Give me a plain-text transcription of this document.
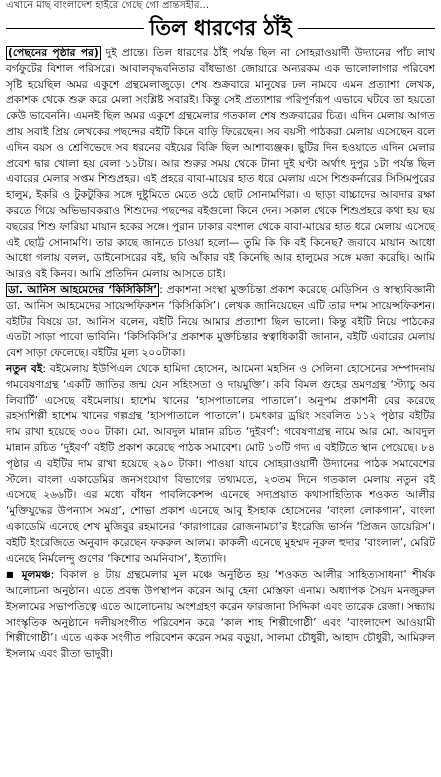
এখানে মাছ বাংলাদেশ হাইরে গেছে গো প্রান্তসহীর...
তিল ধারণের ঠাঁই

(পেছনের পৃষ্ঠার পর) দুই প্রান্তে। তিল ধারণের ঠাঁই পর্যন্ত ছিল না সোহরাওয়ার্দী উদ্যানের পাঁচ লাখ বর্গফুটের বিশাল পরিসরে। আবালবৃদ্ধবনিতার বাঁধভাঙা জোয়ারে অন্যরকম এক ভালোলাগার পরিবেশ সৃষ্টি হয়েছিল অমর একুশে গ্রন্থমেলাজুড়ে। শেষ শুক্রবারে মানুষের ঢল নামবে এমন প্রত্যাশা লেখক, প্রকাশক থেকে শুরু করে মেলা সংশ্লিষ্ট সবারই। কিন্তু সেই প্রত্যাশার পরিপূর্ণরূপ এভাবে ঘটবে তা হয়তো কেউ ভাবেননি। এমনই ছিল অমর একুশে গ্রন্থমেলার গতকাল শেষ শুক্রবারের চিত্র। এদিন মেলায় আগত প্রায় সবাই প্রিয় লেখকের পছন্দের বইটি কিনে বাড়ি ফিরেছেন। সব বয়সী পাঠকরা মেলায় এসেছেন বলে এদিন বয়স ও শ্রেণিভেদে সব ধরনের বইয়ের বিক্রি ছিল আশাব্যঞ্জক। ছুটির দিন হওয়াতে এদিন মেলার প্রবেশ দ্বার খোলা হয় বেলা ১১টায়। আর শুরুর সময় থেকে টানা দুই ঘণ্টা অর্থাৎ দুপুর ১টা পর্যন্ত ছিল এবারের মেলার সপ্তম শিশুপ্রহর। এই প্রহরে বাবা-মায়ের হাত ধরে মেলায় এসে শিশুকর্নারের সিসিমপুরের হালুম, ইকরি ও টুকটুকির সঙ্গে দুষ্টুমিতে মেতে ওঠে ছোট সোনামণিরা। এ ছাড়া বাচ্চাদের আবদার রক্ষা করতে গিয়ে অভিভাবকরাও শিশুদের পছন্দের বইগুলো কিনে দেন। সকাল থেকে শিশুপ্রহরে কথা হয় ছয় বছরের শিশু ফারিয়া মায়ান হকের সঙ্গে। পুরান ঢাকার বংশাল থেকে বাবা-মায়ের হাত ধরে মেলায় এসেছে এই ছোট্ট সোনামণি। তার কাছে জানতে চাওয়া হলো— তুমি কি কি বই কিনেছ? জবাবে মায়ান আধো আধো গলায় বলল, ডাইনোসরের বই, ছবি আঁকার বই কিনেছি আর হালুমের সঙ্গে মজা করেছি। আমি আরও বই কিনব। আমি প্রতিদিন মেলায় আসতে চাই।

ডা. আনিস আহমেদের ‘কিসিকিসি’ : প্রকাশনা সংস্থা মুক্তচিন্তা প্রকাশ করেছে মেডিসিন ও স্বাস্থ্যবিজ্ঞানী ডা. আনিস আহমেদের সায়েন্সফিকশন ‘কিসিকিসি’। লেখক জানিয়েছেন এটি তার দশম সায়েন্সফিকশন। বইটির বিষয়ে ডা. আনিস বলেন, বইটি নিয়ে আমার প্রত্যাশা ছিল ভালো। কিন্তু বইটি নিয়ে পাঠকের এতটা সাড়া পাবো ভাবিনি। ‘কিসিকিসি’র প্রকাশক মুক্তচিন্তার স্বত্বাধিকারী জানান, বইটি এবারের মেলায় বেশ সাড়া ফেলেছে। বইটির মূল্য ২০০টাকা।

নতুন বই: বইমেলায় ইউপিএল থেকে হামিদা হোসেন, আমেনা মহসিন ও সেলিনা হোসেনের সম্পাদনায় গমবেষণাগ্রন্থ ‘একটি জাতির জন্ম যেন সহিংসতা ও দায়মুক্তি’। কবি বিমল গুহের ভ্রমণগ্রন্থ ‘স্ট্যাচু অব লিবার্টি’ এসেছে বইমেলায়। হাশেম খানের ‘হাসপাতালের পাতালে’। অনুপম প্রকাশনী বের করেছে রহস্যশিল্পী হাশেম খানের গল্পগ্রন্থ ‘হাসপাতালে পাতালে’। চমৎকার ড্রয়িং সংবলিত ১১২ পৃষ্ঠার বইটির দাম রাখা হয়েছে ৩০০ টাকা। মো. আবদুল মান্নান রচিত ‘দুইবর্ণ’: গবেষণাগ্রন্থ নামে আর মো. আবদুল মান্নান রচিত ‘দুইবর্ণ’ বইটি প্রকাশ করেছে পাঠক সমাবেশ। মোট ১৩টি গদ্য এ বইটিতে স্থান পেয়েছে। ৮৪ পৃষ্ঠার এ বইটির দাম রাখা হয়েছে ২৯০ টাকা। পাওয়া যাবে সোহরাওয়ার্দী উদ্যানের পাঠক সমাবেশের স্টলে। বাংলা একাডেমির জনসংযোগ বিভাগের তথ্যমতে, ২৩তম দিনে গতকাল মেলায় নতুন বই এসেছে ২৬৬টি। এর মধ্যে বাঁধন পাবলিকেশন্স এনেছে সদ্যপ্রয়াত কথাসাহিত্যিক শওকত আলীর ‘মুক্তিযুদ্ধের উপন্যাস সমগ্র’, শোভা প্রকাশ এনেছে আবু ইসহাক হোসেনের ‘বাংলা লোকগান’, বাংলা একাডেমি এনেছে শেখ মুজিবুর রহমানের ‘কারাগারের রোজনামচা’র ইংরেজি ভার্সন ‘প্রিজন ডায়েরিস’। বইটি ইংরেজিতে অনুবাদ করেছেন ফকরুল আলম। কাকলী এনেছে মুহম্মদ নূরুল হুদার ‘বাংলাল’, মেরিট এনেছে নির্মলেন্দু গুণের ‘কিশোর অমনিবাস’, ইত্যাদি।

■ মূলমঞ্চ: বিকাল ৪ টায় গ্রন্থমেলার মূল মঞ্চে অনুষ্ঠিত হয় ‘শওকত আলীর সাহিত্যসাধনা’ শীর্ষক আলোচনা অনুষ্ঠান। এতে প্রবন্ধ উপস্থাপন করেন আবু হেনা মোস্তফা এনাম। অধ্যাপক সৈয়দ মনজুরুল ইসলামের সভাপতিত্বে এতে আলোচনায় অংশগ্রহণ করেন ফারজানা সিদ্দিকা এবং তারেক রেজা। সন্ধ্যায় সাংস্কৃতিক অনুষ্ঠানে দলীয়সংগীত পরিবেশন করে ‘কাল শাহ শিল্পীগোষ্ঠী’ এবং ‘বাংলাদেশ আওয়ামী শিল্পীগোষ্ঠী’। এতে একক সংগীত পরিবেশন করেন সমর বড়ুয়া, সালমা চৌধুরী, আহাদ চৌধুরী, আমিরুল ইসলাম এবং রীতা ভাদুরী।
